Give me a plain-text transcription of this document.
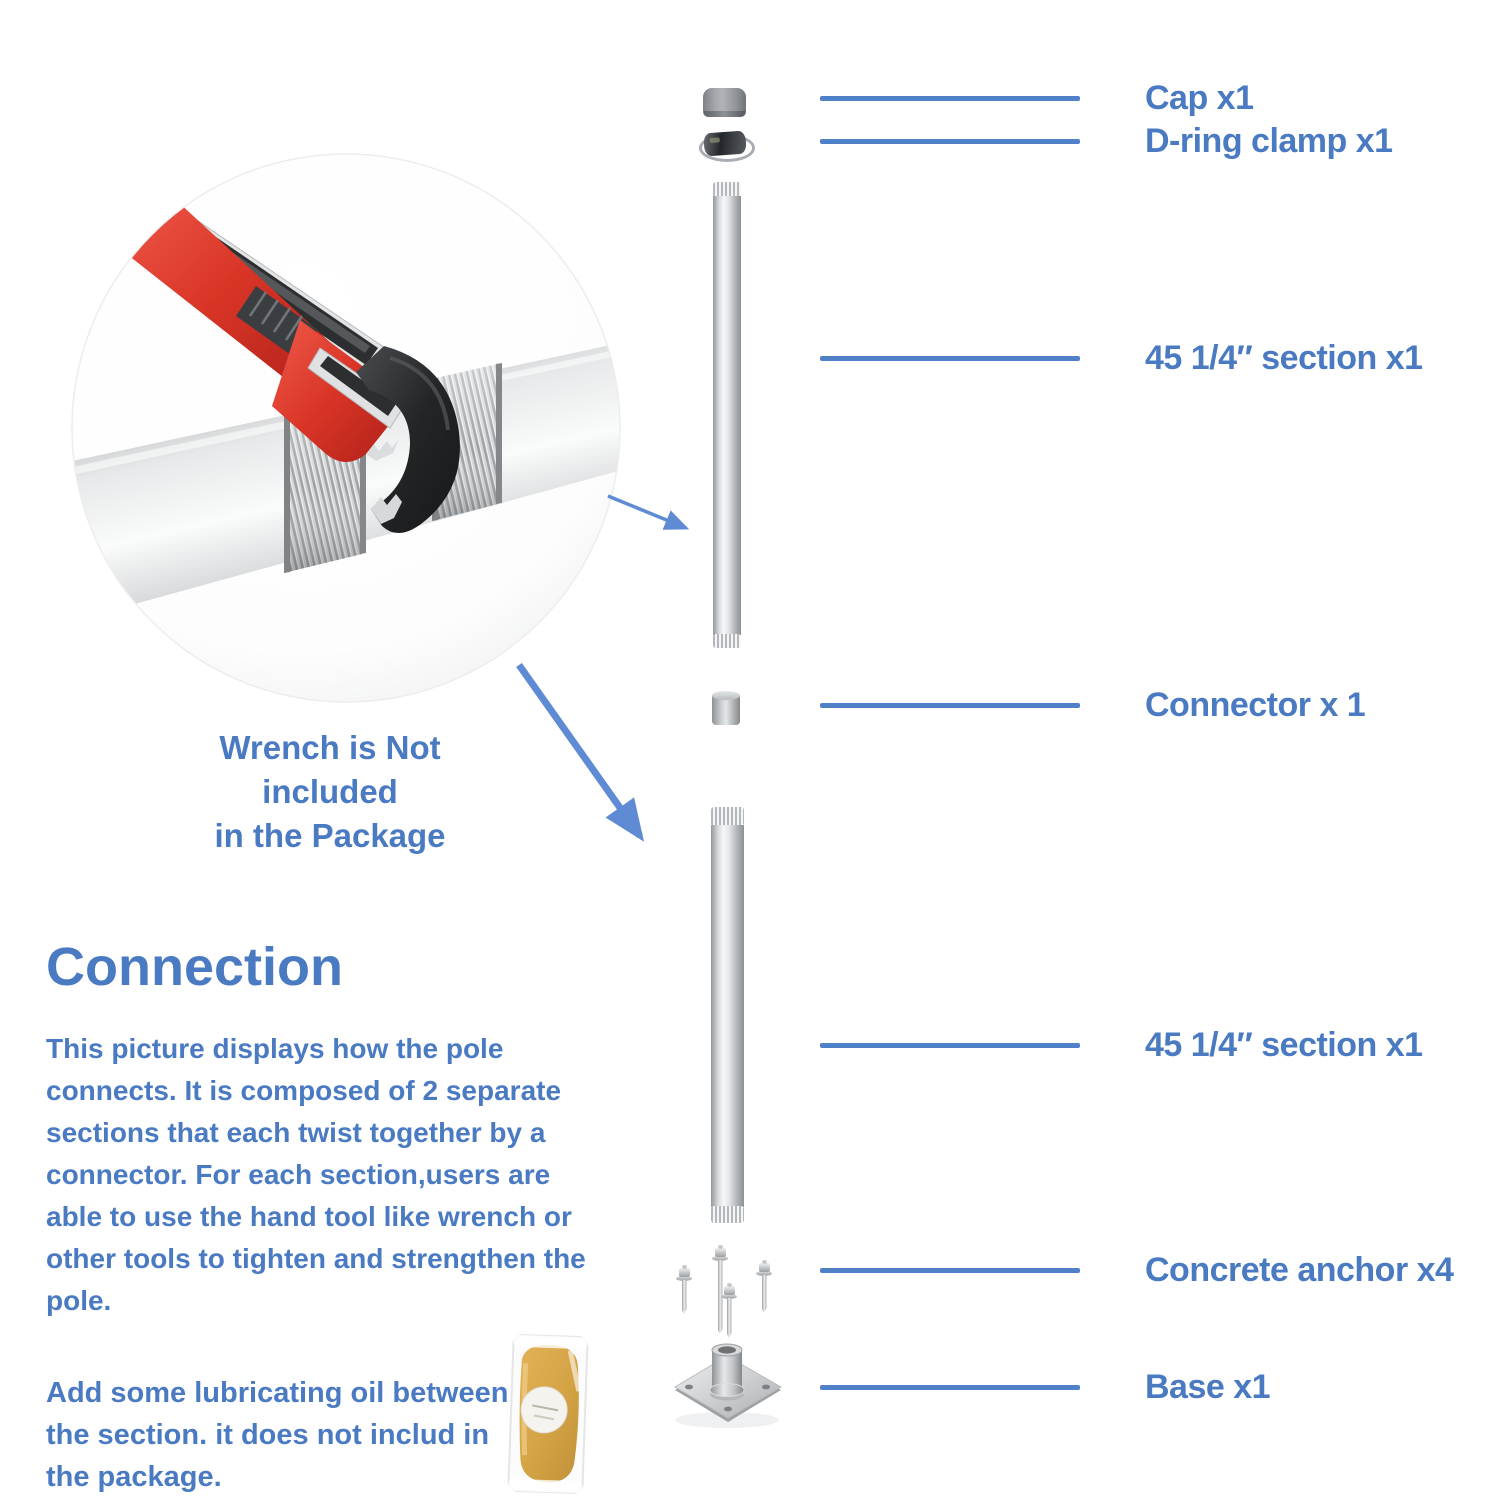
Wrench is Not included
in the Package
Cap x1
D-ring clamp x1
45 1/4″ section x1
Connector x 1
45 1/4″ section x1
Concrete anchor x4
Base x1
Connection
This picture displays how the pole connects. It is composed of 2 separate sections that each twist together by a connector. For each section,users are able to use the hand tool like wrench or other tools to tighten and strengthen the pole.
Add some lubricating oil between the section. it does not includ in the package.
